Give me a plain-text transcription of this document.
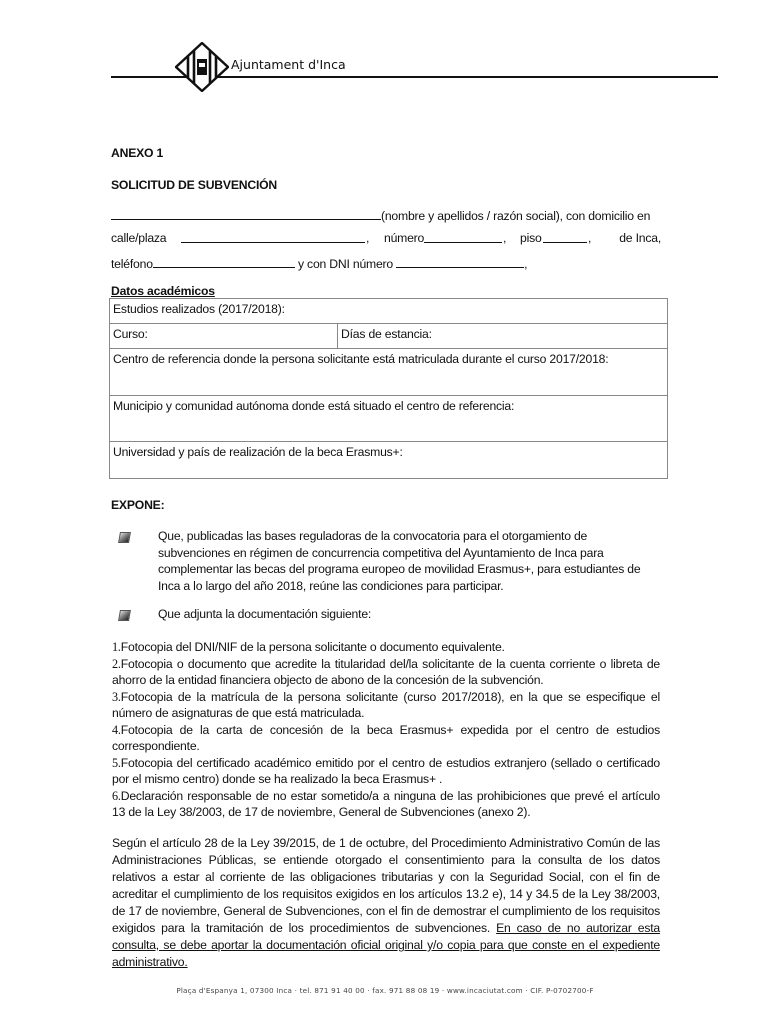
Ajuntament d'Inca
ANEXO 1
SOLICITUD DE SUBVENCIÓN
(nombre y apellidos / razón social), con domicilio en
calle/plaza	, número	, piso	, de Inca,
teléfono	y con DNI número	,
Datos académicos
Estudios realizados (2017/2018):
Curso:	Días de estancia:
Centro de referencia donde la persona solicitante está matriculada durante el curso 2017/2018:
Municipio y comunidad autónoma donde está situado el centro de referencia:
Universidad y país de realización de la beca Erasmus+:
EXPONE:
Que, publicadas las bases reguladoras de la convocatoria para el otorgamiento de subvenciones en régimen de concurrencia competitiva del Ayuntamiento de Inca para complementar las becas del programa europeo de movilidad Erasmus+, para estudiantes de Inca a lo largo del año 2018, reúne las condiciones para participar.
Que adjunta la documentación siguiente:
1.Fotocopia del DNI/NIF de la persona solicitante o documento equivalente.
2.Fotocopia o documento que acredite la titularidad del/la solicitante de la cuenta corriente o libreta de ahorro de la entidad financiera objecto de abono de la concesión de la subvención.
3.Fotocopia de la matrícula de la persona solicitante (curso 2017/2018), en la que se especifique el número de asignaturas de que está matriculada.
4.Fotocopia de la carta de concesión de la beca Erasmus+ expedida por el centro de estudios correspondiente.
5.Fotocopia del certificado académico emitido por el centro de estudios extranjero (sellado o certificado por el mismo centro) donde se ha realizado la beca Erasmus+ .
6.Declaración responsable de no estar sometido/a a ninguna de las prohibiciones que prevé el artículo 13 de la Ley 38/2003, de 17 de noviembre, General de Subvenciones (anexo 2).
Según el artículo 28 de la Ley 39/2015, de 1 de octubre, del Procedimiento Administrativo Común de las Administraciones Públicas, se entiende otorgado el consentimiento para la consulta de los datos relativos a estar al corriente de las obligaciones tributarias y con la Seguridad Social, con el fin de acreditar el cumplimiento de los requisitos exigidos en los artículos 13.2 e), 14 y 34.5 de la Ley 38/2003, de 17 de noviembre, General de Subvenciones, con el fin de demostrar el cumplimiento de los requisitos exigidos para la tramitación de los procedimientos de subvenciones. En caso de no autorizar esta consulta, se debe aportar la documentación oficial original y/o copia para que conste en el expediente administrativo.
Plaça d'Espanya 1, 07300 Inca · tel. 871 91 40 00 · fax. 971 88 08 19 · www.incaciutat.com · CIF. P-0702700-F
